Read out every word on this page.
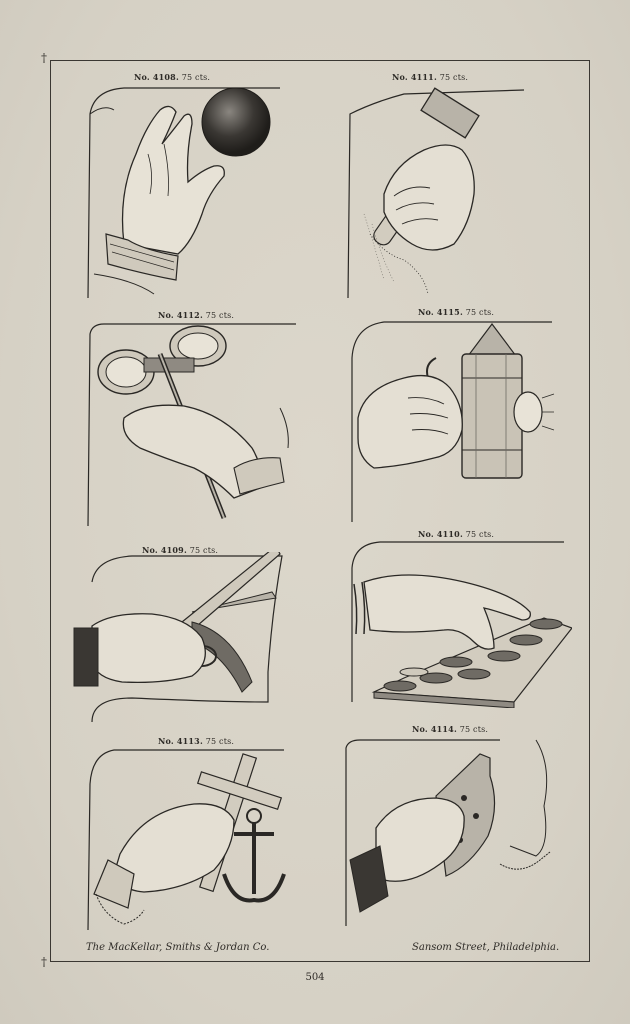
†
†
No. 4108. 75 cts.	No. 4111. 75 cts.
No. 4112. 75 cts.	No. 4115. 75 cts.
No. 4109. 75 cts.
No. 4110. 75 cts.
No. 4113. 75 cts.
No. 4114. 75 cts.
The MacKellar, Smiths & Jordan Co.	Sansom Street, Philadelphia.
504
